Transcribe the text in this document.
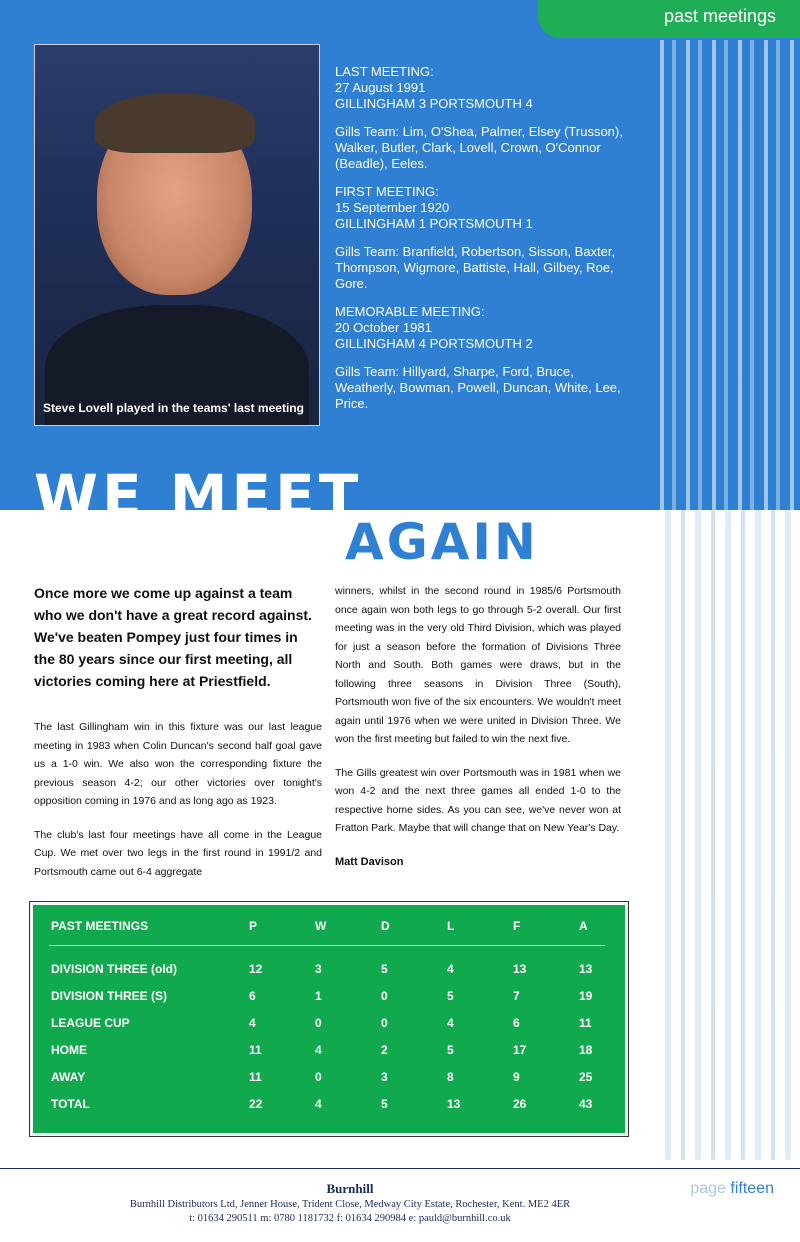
past meetings
Steve Lovell played in the teams' last meeting

LAST MEETING:
27 August 1991
GILLINGHAM 3 PORTSMOUTH 4

Gills Team: Lim, O'Shea, Palmer, Elsey (Trusson), Walker, Butler, Clark, Lovell, Crown, O'Connor (Beadle), Eeles.

FIRST MEETING:
15 September 1920
GILLINGHAM 1 PORTSMOUTH 1

Gills Team: Branfield, Robertson, Sisson, Baxter, Thompson, Wigmore, Battiste, Hall, Gilbey, Roe, Gore.

MEMORABLE MEETING:
20 October 1981
GILLINGHAM 4 PORTSMOUTH 2

Gills Team: Hillyard, Sharpe, Ford, Bruce, Weatherly, Bowman, Powell, Duncan, White, Lee, Price.

WE MEET
AGAIN
Once more we come up against a team who we don't have a great record against. We've beaten Pompey just four times in the 80 years since our first meeting, all victories coming here at Priestfield.

The last Gillingham win in this fixture was our last league meeting in 1983 when Colin Duncan's second half goal gave us a 1-0 win. We also won the corresponding fixture the previous season 4-2; our other victories over tonight's opposition coming in 1976 and as long ago as 1923.

The club's last four meetings have all come in the League Cup. We met over two legs in the first round in 1991/2 and Portsmouth came out 6-4 aggregate

winners, whilst in the second round in 1985/6 Portsmouth once again won both legs to go through 5-2 overall. Our first meeting was in the very old Third Division, which was played for just a season before the formation of Divisions Three North and South. Both games were draws, but in the following three seasons in Division Three (South), Portsmouth won five of the six encounters. We wouldn't meet again until 1976 when we were united in Division Three. We won the first meeting but failed to win the next five.

The Gills greatest win over Portsmouth was in 1981 when we won 4-2 and the next three games all ended 1-0 to the respective home sides. As you can see, we've never won at Fratton Park. Maybe that will change that on New Year's Day.

Matt Davison

PAST MEETINGS	P	W	D	L	F	A
DIVISION THREE (old)	12	3	5	4	13	13
DIVISION THREE (S)	6	1	0	5	7	19
LEAGUE CUP	4	0	0	4	6	11
HOME	11	4	2	5	17	18
AWAY	11	0	3	8	9	25
TOTAL	22	4	5	13	26	43
Burnhill
Burnhill Distributors Ltd, Jenner House, Trident Close, Medway City Estate, Rochester, Kent. ME2 4ER
t: 01634 290511 m: 0780 1181732 f: 01634 290984 e: pauld@burnhill.co.uk
page fifteen
